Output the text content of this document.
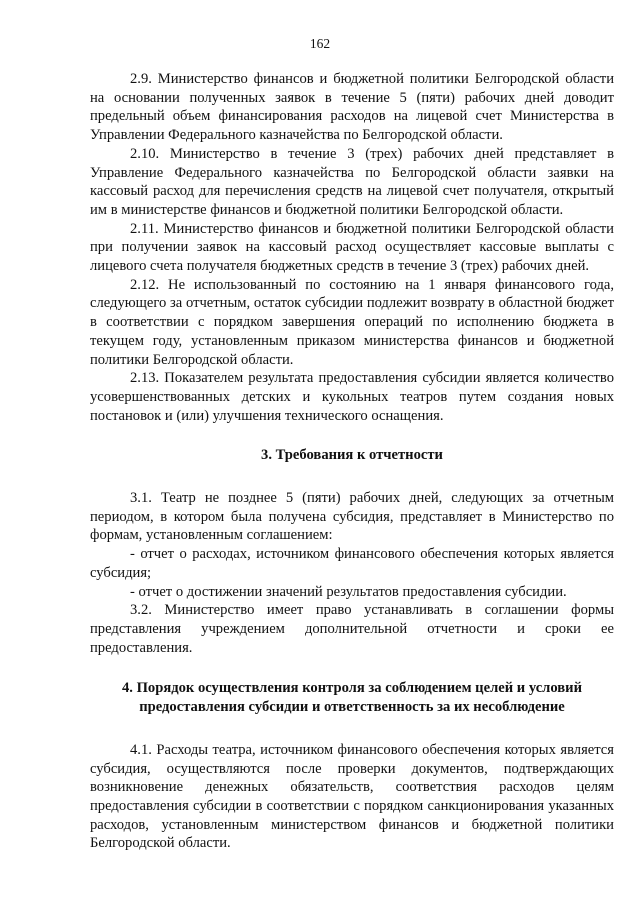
162

2.9. Министерство финансов и бюджетной политики Белгородской области на основании полученных заявок в течение 5 (пяти) рабочих дней доводит предельный объем финансирования расходов на лицевой счет Министерства в Управлении Федерального казначейства по Белгородской области.

2.10. Министерство в течение 3 (трех) рабочих дней представляет в Управление Федерального казначейства по Белгородской области заявки на кассовый расход для перечисления средств на лицевой счет получателя, открытый им в министерстве финансов и бюджетной политики Белгородской области.

2.11. Министерство финансов и бюджетной политики Белгородской области при получении заявок на кассовый расход осуществляет кассовые выплаты с лицевого счета получателя бюджетных средств в течение 3 (трех) рабочих дней.

2.12. Не использованный по состоянию на 1 января финансового года, следующего за отчетным, остаток субсидии подлежит возврату в областной бюджет в соответствии с порядком завершения операций по исполнению бюджета в текущем году, установленным приказом министерства финансов и бюджетной политики Белгородской области.

2.13. Показателем результата предоставления субсидии является количество усовершенствованных детских и кукольных театров путем создания новых постановок и (или) улучшения технического оснащения.

3. Требования к отчетности

3.1. Театр не позднее 5 (пяти) рабочих дней, следующих за отчетным периодом, в котором была получена субсидия, представляет в Министерство по формам, установленным соглашением:

- отчет о расходах, источником финансового обеспечения которых является субсидия;

- отчет о достижении значений результатов предоставления субсидии.

3.2. Министерство имеет право устанавливать в соглашении формы представления учреждением дополнительной отчетности и сроки ее предоставления.

4. Порядок осуществления контроля за соблюдением целей и условий предоставления субсидии и ответственность за их несоблюдение

4.1. Расходы театра, источником финансового обеспечения которых является субсидия, осуществляются после проверки документов, подтверждающих возникновение денежных обязательств, соответствия расходов целям предоставления субсидии в соответствии с порядком санкционирования указанных расходов, установленным министерством финансов и бюджетной политики Белгородской области.
